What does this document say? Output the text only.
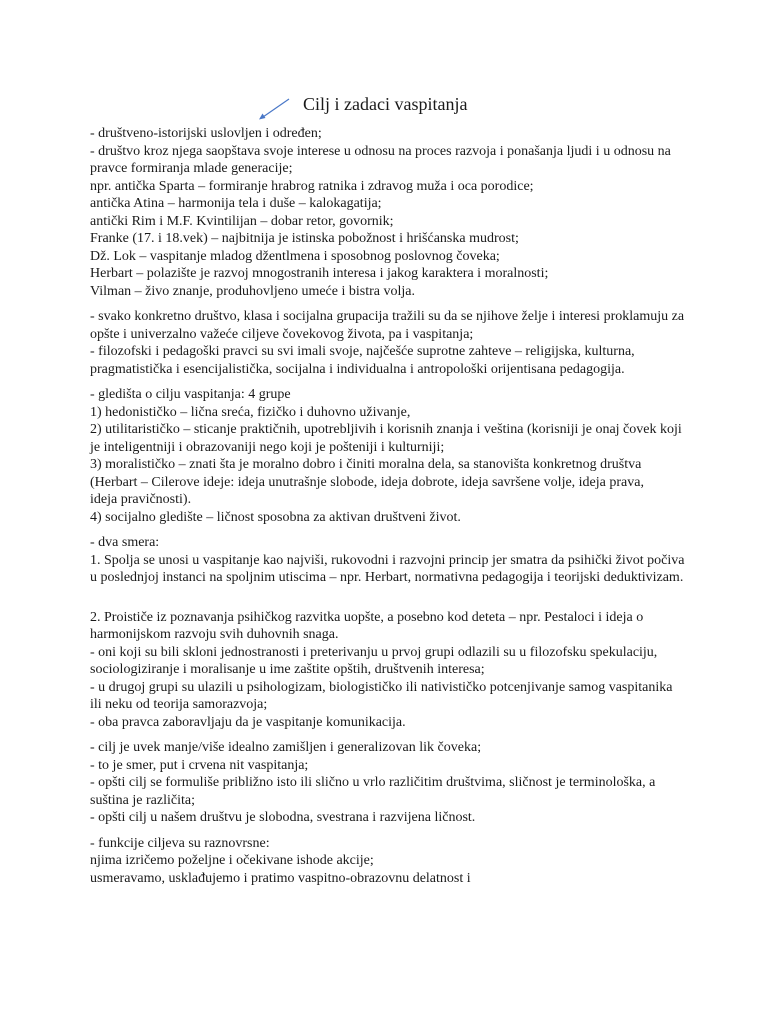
Cilj i zadaci vaspitanja
- društveno-istorijski uslovljen i određen;
- društvo kroz njega saopštava svoje interese u odnosu na proces razvoja i ponašanja ljudi i u odnosu na
pravce formiranja mlade generacije;
npr. antička Sparta – formiranje hrabrog ratnika i zdravog muža i oca porodice;
antička Atina – harmonija tela i duše – kalokagatija;
antički Rim i M.F. Kvintilijan – dobar retor, govornik;
Franke (17. i 18.vek) – najbitnija je istinska pobožnost i hrišćanska mudrost;
Dž. Lok – vaspitanje mladog džentlmena i sposobnog poslovnog čoveka;
Herbart – polazište je razvoj mnogostranih interesa i jakog karaktera i moralnosti;
Vilman – živo znanje, produhovljeno umeće i bistra volja.
- svako konkretno društvo, klasa i socijalna grupacija tražili su da se njihove želje i interesi proklamuju za
opšte i univerzalno važeće ciljeve čovekovog života, pa i vaspitanja;
- filozofski i pedagoški pravci su svi imali svoje, najčešće suprotne zahteve – religijska, kulturna,
pragmatistička i esencijalistička, socijalna i individualna i antropološki orijentisana pedagogija.
- gledišta o cilju vaspitanja: 4 grupe
1) hedonističko – lična sreća, fizičko i duhovno uživanje,
2) utilitarističko – sticanje praktičnih, upotrebljivih i korisnih znanja i veština (korisniji je onaj čovek koji
je inteligentniji i obrazovaniji nego koji je pošteniji i kulturniji;
3) moralističko – znati šta je moralno dobro i činiti moralna dela, sa stanovišta konkretnog društva
(Herbart – Cilerove ideje: ideja unutrašnje slobode, ideja dobrote, ideja savršene volje, ideja prava,
ideja pravičnosti).
4) socijalno gledište – ličnost sposobna za aktivan društveni život.
- dva smera:
1. Spolja se unosi u vaspitanje kao najviši, rukovodni i razvojni princip jer smatra da psihički život počiva
u poslednjoj instanci na spoljnim utiscima – npr. Herbart, normativna pedagogija i teorijski deduktivizam.
2. Proističe iz poznavanja psihičkog razvitka uopšte, a posebno kod deteta – npr. Pestaloci i ideja o
harmonijskom razvoju svih duhovnih snaga.
- oni koji su bili skloni jednostranosti i preterivanju u prvoj grupi odlazili su u filozofsku spekulaciju,
sociologiziranje i moralisanje u ime zaštite opštih, društvenih interesa;
- u drugoj grupi su ulazili u psihologizam, biologističko ili nativističko potcenjivanje samog vaspitanika
ili neku od teorija samorazvoja;
- oba pravca zaboravljaju da je vaspitanje komunikacija.
- cilj je uvek manje/više idealno zamišljen i generalizovan lik čoveka;
- to je smer, put i crvena nit vaspitanja;
- opšti cilj se formuliše približno isto ili slično u vrlo različitim društvima, sličnost je terminološka, a
suština je različita;
- opšti cilj u našem društvu je slobodna, svestrana i razvijena ličnost.
- funkcije ciljeva su raznovrsne:
njima izričemo poželjne i očekivane ishode akcije;
usmeravamo, usklađujemo i pratimo vaspitno-obrazovnu delatnost i
